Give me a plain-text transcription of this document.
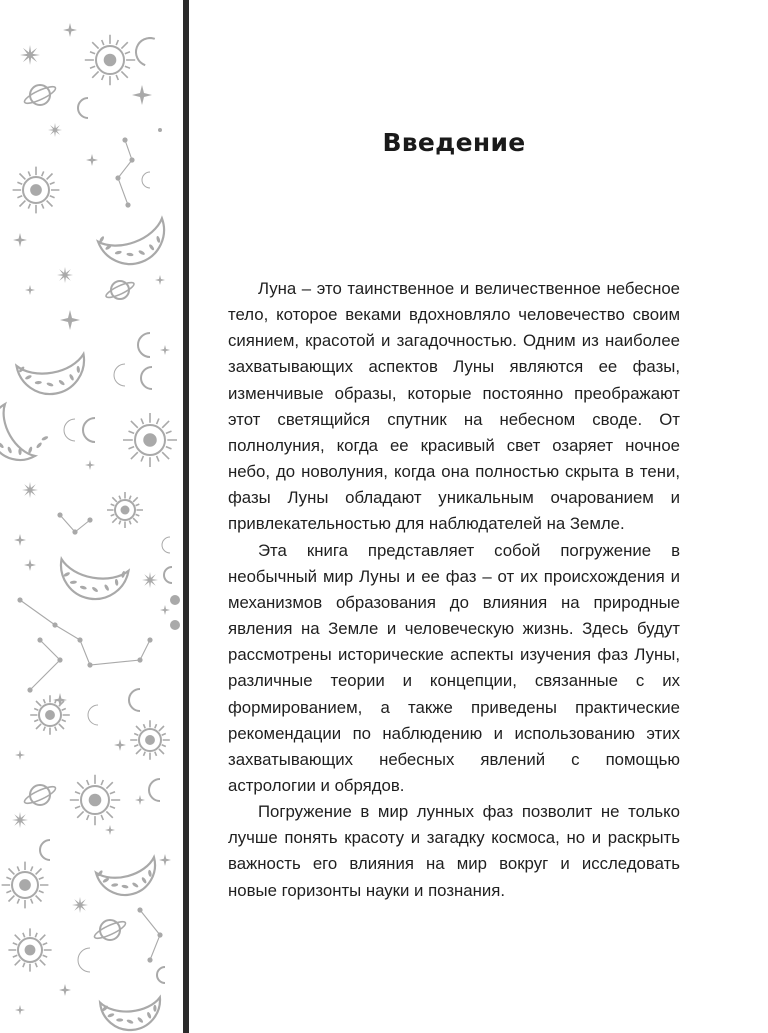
Введение

Луна – это таинственное и величественное небесное тело, которое веками вдохновляло человечество своим сиянием, красотой и загадочностью. Одним из наиболее захватывающих аспектов Луны являются ее фазы, изменчивые образы, которые постоянно преображают этот светящийся спутник на небесном своде. От полнолуния, когда ее красивый свет озаряет ночное небо, до новолуния, когда она полностью скрыта в тени, фазы Луны обладают уникальным очарованием и привлекательностью для наблюдателей на Земле.

Эта книга представляет собой погружение в необычный мир Луны и ее фаз – от их происхождения и механизмов образования до влияния на природные явления на Земле и человеческую жизнь. Здесь будут рассмотрены исторические аспекты изучения фаз Луны, различные теории и концепции, связанные с их формированием, а также приведены практические рекомендации по наблюдению и использованию этих захватывающих небесных явлений с помощью астрологии и обрядов.

Погружение в мир лунных фаз позволит не только лучше понять красоту и загадку космоса, но и раскрыть важность его влияния на мир вокруг и исследовать новые горизонты науки и познания.
